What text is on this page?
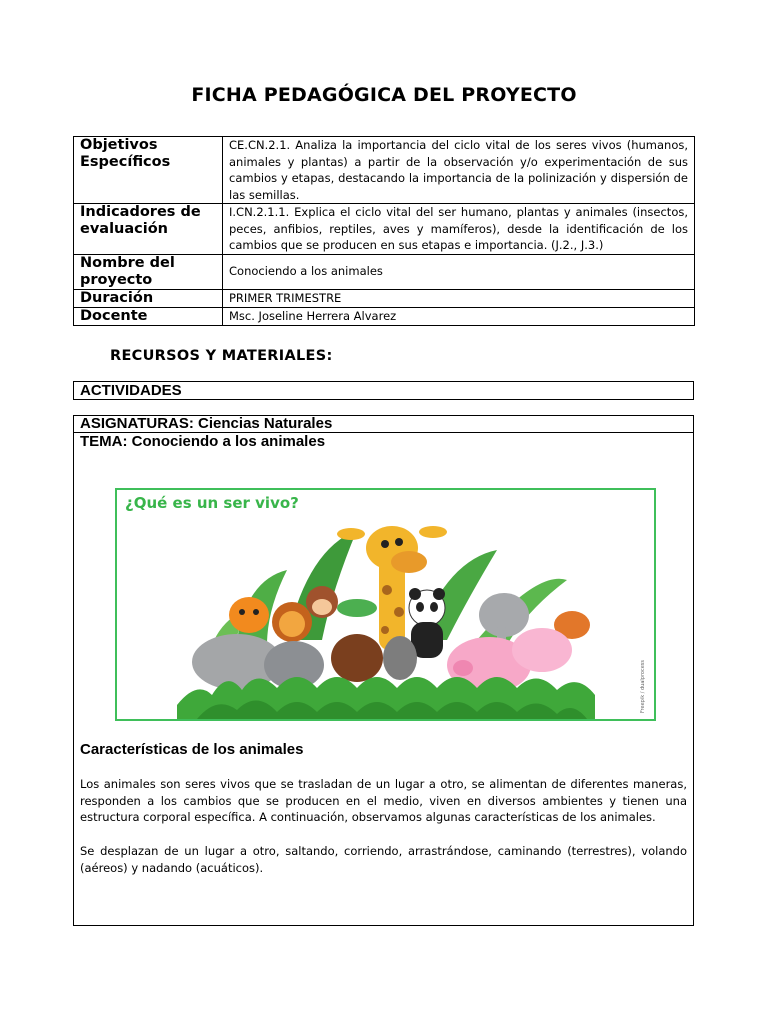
FICHA PEDAGÓGICA DEL PROYECTO
Objetivos Específicos	CE.CN.2.1. Analiza la importancia del ciclo vital de los seres vivos (humanos, animales y plantas) a partir de la observación y/o experimentación de sus cambios y etapas, destacando la importancia de la polinización y dispersión de las semillas.
Indicadores de evaluación	I.CN.2.1.1. Explica el ciclo vital del ser humano, plantas y animales (insectos, peces, anfibios, reptiles, aves y mamíferos), desde la identificación de los cambios que se producen en sus etapas e importancia. (J.2., J.3.)
Nombre del proyecto	Conociendo a los animales
Duración	PRIMER TRIMESTRE
Docente	Msc. Joseline Herrera Alvarez
RECURSOS Y MATERIALES:
ACTIVIDADES
ASIGNATURAS: Ciencias Naturales
TEMA: Conociendo a los animales
¿Qué es un ser vivo?
Freepik / dualprocess
Características de los animales
Los animales son seres vivos que se trasladan de un lugar a otro, se alimentan de diferentes maneras, responden a los cambios que se producen en el medio, viven en diversos ambientes y tienen una estructura corporal específica. A continuación, observamos algunas características de los animales.
Se desplazan de un lugar a otro, saltando, corriendo, arrastrándose, caminando (terrestres), volando (aéreos) y nadando (acuáticos).
